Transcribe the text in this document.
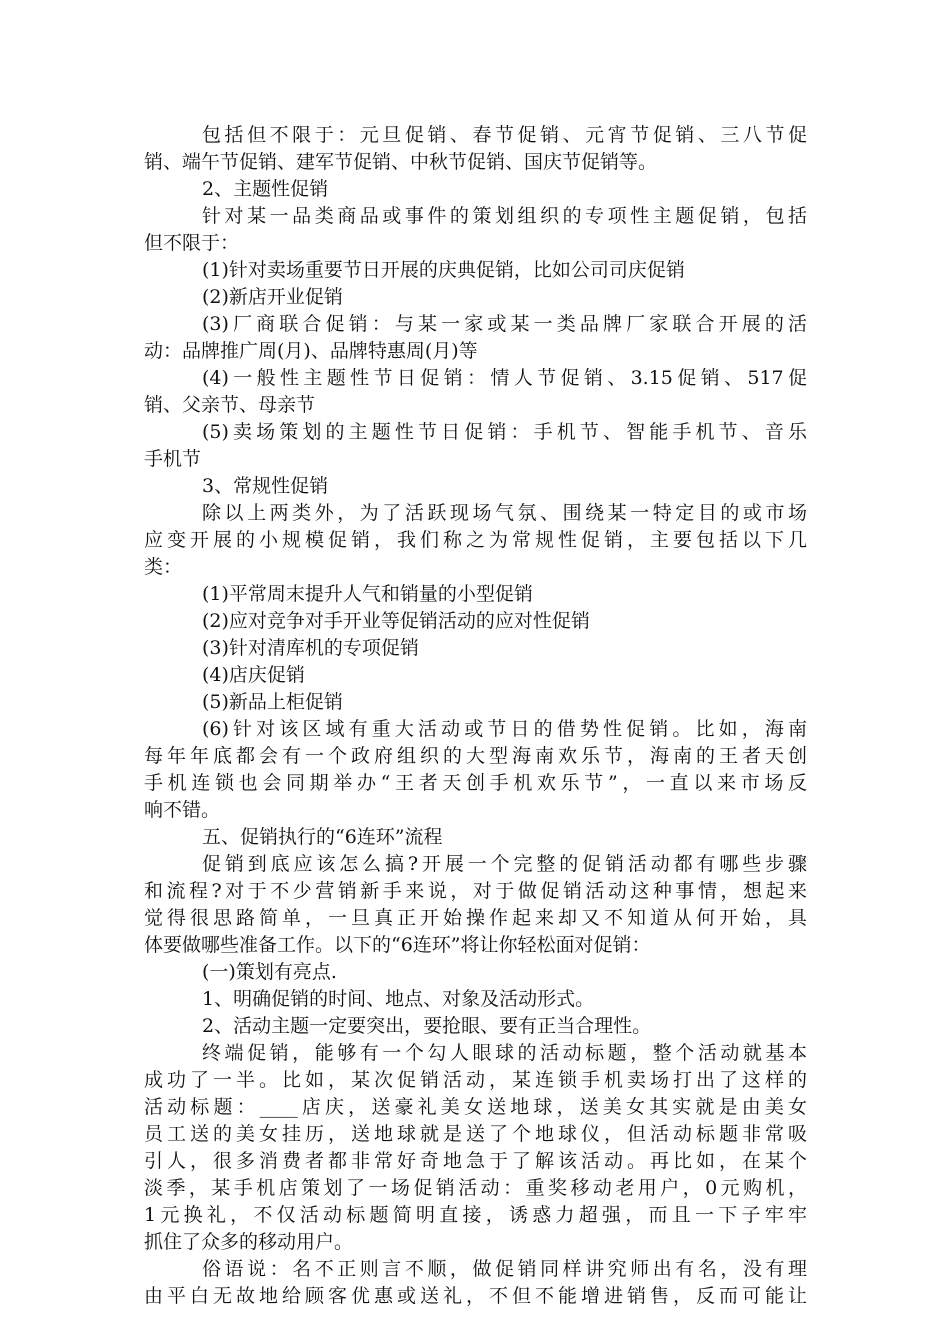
包括但不限于：元旦促销、春节促销、元宵节促销、三八节促
销、端午节促销、建军节促销、中秋节促销、国庆节促销等。
2、主题性促销
针对某一品类商品或事件的策划组织的专项性主题促销，包括
但不限于：
(1)针对卖场重要节日开展的庆典促销，比如公司司庆促销
(2)新店开业促销
(3)厂商联合促销：与某一家或某一类品牌厂家联合开展的活
动：品牌推广周(月)、品牌特惠周(月)等
(4)一般性主题性节日促销：情人节促销、3.15促销、517促
销、父亲节、母亲节
(5)卖场策划的主题性节日促销：手机节、智能手机节、音乐
手机节
3、常规性促销
除以上两类外，为了活跃现场气氛、围绕某一特定目的或市场
应变开展的小规模促销，我们称之为常规性促销，主要包括以下几
类：
(1)平常周末提升人气和销量的小型促销
(2)应对竞争对手开业等促销活动的应对性促销
(3)针对清库机的专项促销
(4)店庆促销
(5)新品上柜促销
(6)针对该区域有重大活动或节日的借势性促销。比如，海南
每年年底都会有一个政府组织的大型海南欢乐节，海南的王者天创
手机连锁也会同期举办“王者天创手机欢乐节”，一直以来市场反
响不错。
五、促销执行的“6连环”流程
促销到底应该怎么搞?开展一个完整的促销活动都有哪些步骤
和流程?对于不少营销新手来说，对于做促销活动这种事情，想起来
觉得很思路简单，一旦真正开始操作起来却又不知道从何开始，具
体要做哪些准备工作。以下的“6连环”将让你轻松面对促销：
(一)策划有亮点.
1、明确促销的时间、地点、对象及活动形式。
2、活动主题一定要突出，要抢眼、要有正当合理性。
终端促销，能够有一个勾人眼球的活动标题，整个活动就基本
成功了一半。比如，某次促销活动，某连锁手机卖场打出了这样的
活动标题：____店庆，送豪礼美女送地球，送美女其实就是由美女
员工送的美女挂历，送地球就是送了个地球仪，但活动标题非常吸
引人，很多消费者都非常好奇地急于了解该活动。再比如，在某个
淡季，某手机店策划了一场促销活动：重奖移动老用户，0元购机，
1元换礼，不仅活动标题简明直接，诱惑力超强，而且一下子牢牢
抓住了众多的移动用户。
俗语说：名不正则言不顺，做促销同样讲究师出有名，没有理
由平白无故地给顾客优惠或送礼，不但不能增进销售，反而可能让
